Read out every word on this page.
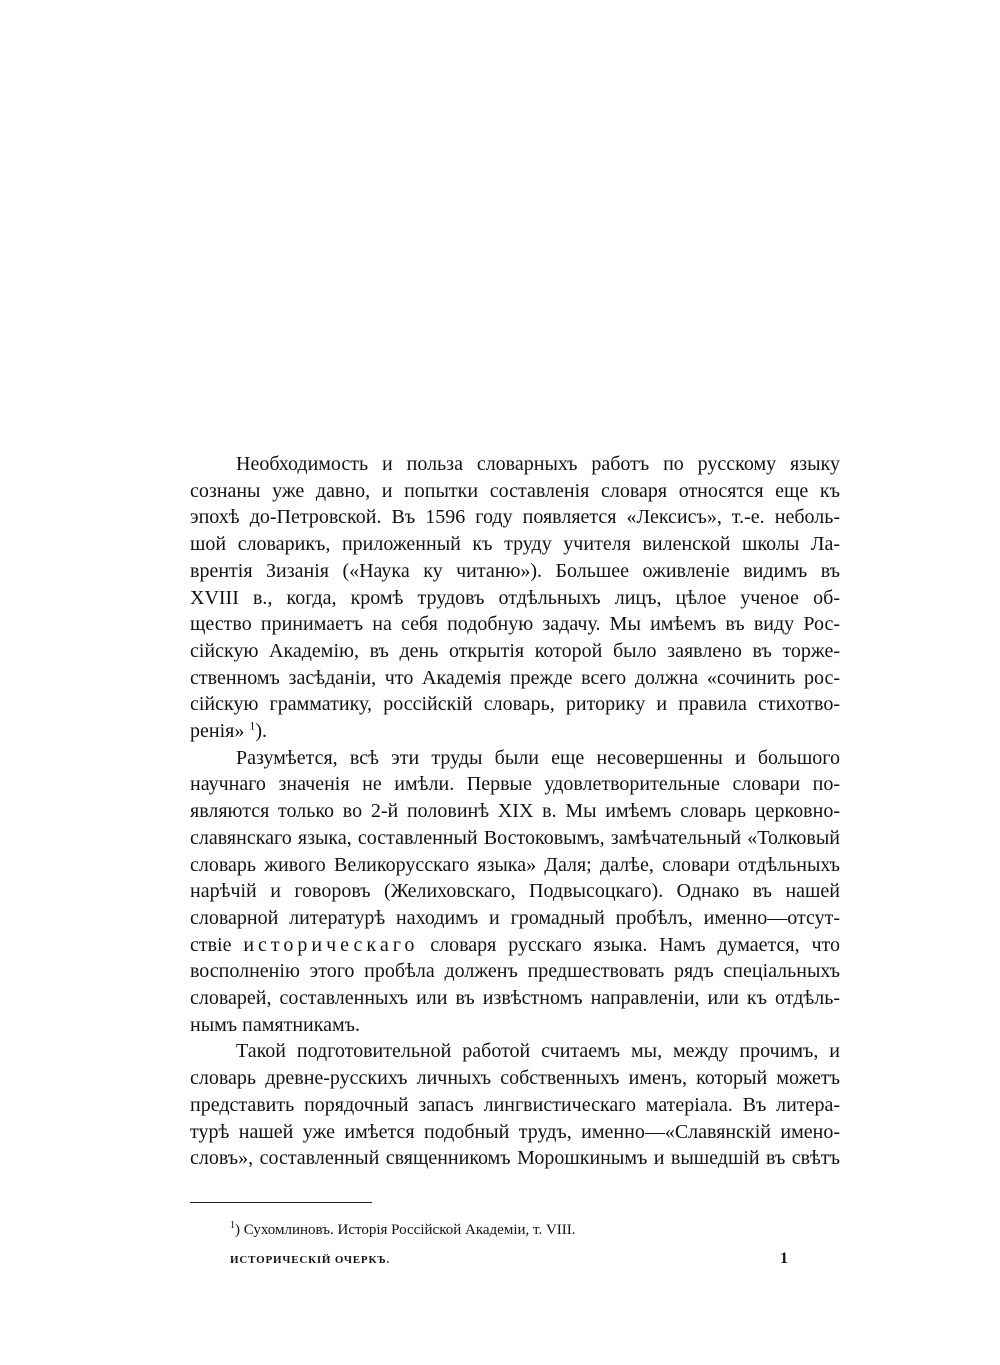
Необходимость и польза словарныхъ работъ по русскому языку
сознаны уже давно, и попытки составленія словаря относятся еще къ
эпохѣ до-Петровской. Въ 1596 году появляется «Лексисъ», т.-е. неболь-
шой словарикъ, приложенный къ труду учителя виленской школы Ла-
врентія Зизанія («Наука ку читаню»). Большее оживленіе видимъ въ
XVIII в., когда, кромѣ трудовъ отдѣльныхъ лицъ, цѣлое ученое об-
щество принимаетъ на себя подобную задачу. Мы имѣемъ въ виду Рос-
сійскую Академію, въ день открытія которой было заявлено въ торже-
ственномъ засѣданіи, что Академія прежде всего должна «сочинить рос-
сійскую грамматику, россійскій словарь, риторику и правила стихотво-
ренія» $^1$).

Разумѣется, всѣ эти труды были еще несовершенны и большого
научнаго значенія не имѣли. Первые удовлетворительные словари по-
являются только во 2-й половинѣ XIX в. Мы имѣемъ словарь церковно-
славянскаго языка, составленный Востоковымъ, замѣчательный «Толковый
словарь живого Великорусскаго языка» Даля; далѣе, словари отдѣльныхъ
нарѣчій и говоровъ (Желиховскаго, Подвысоцкаго). Однако въ нашей
словарной литературѣ находимъ и громадный пробѣлъ, именно—отсут-
ствіе историческаго словаря русскаго языка. Намъ думается, что
восполненію этого пробѣла долженъ предшествовать рядъ спеціальныхъ
словарей, составленныхъ или въ извѣстномъ направленіи, или къ отдѣль-
нымъ памятникамъ.

Такой подготовительной работой считаемъ мы, между прочимъ, и
словарь древне-русскихъ личныхъ собственныхъ именъ, который можетъ
представить порядочный запасъ лингвистическаго матеріала. Въ литера-
турѣ нашей уже имѣется подобный трудъ, именно—«Славянскій имено-
словъ», составленный священникомъ Морошкинымъ и вышедшій въ свѣтъ

$^1$) Сухомлиновъ. Исторія Россійской Академіи, т. VIII.
ИСТОРИЧЕСКІЙ ОЧЕРКЪ.	1
